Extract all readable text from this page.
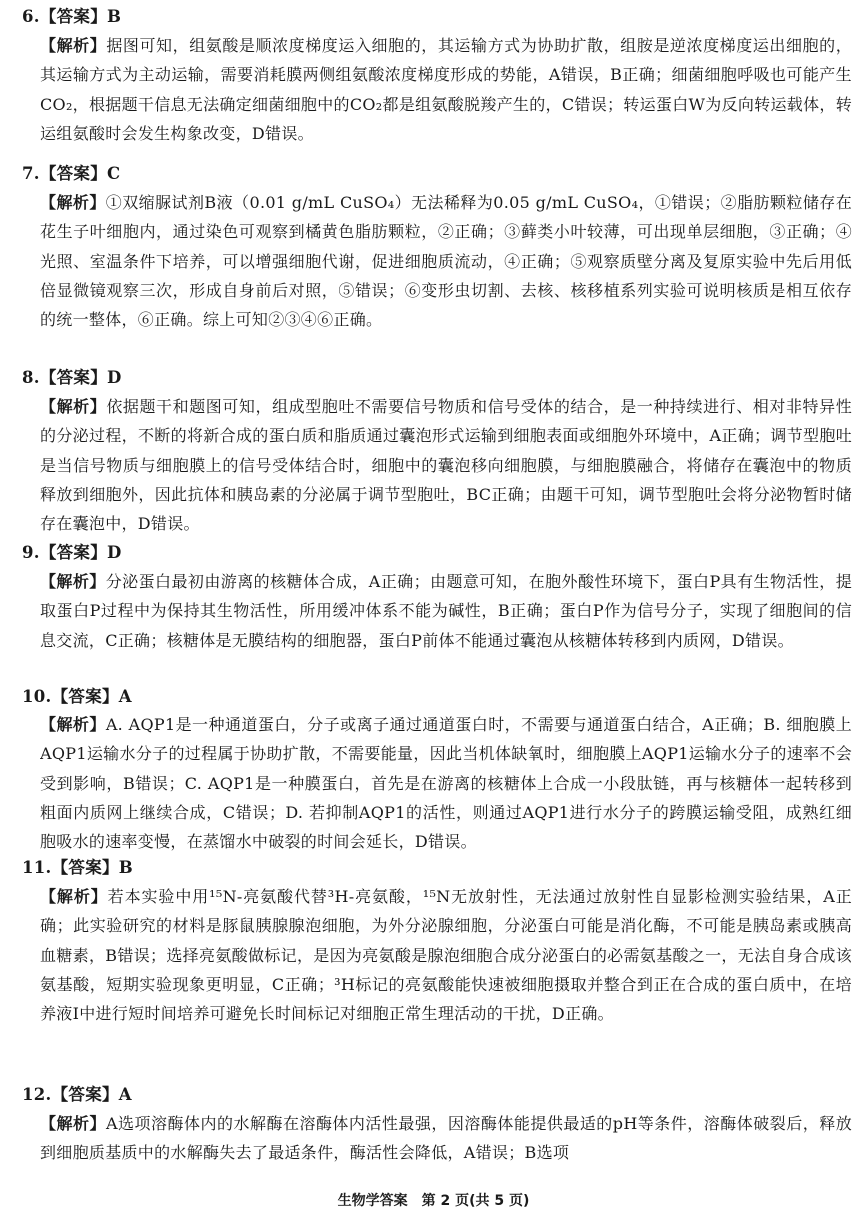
6.【答案】B
【解析】据图可知，组氨酸是顺浓度梯度运入细胞的，其运输方式为协助扩散，组胺是逆浓度梯度运出细胞的，其运输方式为主动运输，需要消耗膜两侧组氨酸浓度梯度形成的势能，A错误，B正确；细菌细胞呼吸也可能产生CO₂，根据题干信息无法确定细菌细胞中的CO₂都是组氨酸脱羧产生的，C错误；转运蛋白W为反向转运载体，转运组氨酸时会发生构象改变，D错误。
7.【答案】C
【解析】①双缩脲试剂B液（0.01 g/mL CuSO₄）无法稀释为0.05 g/mL CuSO₄，①错误；②脂肪颗粒储存在花生子叶细胞内，通过染色可观察到橘黄色脂肪颗粒，②正确；③藓类小叶较薄，可出现单层细胞，③正确；④光照、室温条件下培养，可以增强细胞代谢，促进细胞质流动，④正确；⑤观察质壁分离及复原实验中先后用低倍显微镜观察三次，形成自身前后对照，⑤错误；⑥变形虫切割、去核、核移植系列实验可说明核质是相互依存的统一整体，⑥正确。综上可知②③④⑥正确。
8.【答案】D
【解析】依据题干和题图可知，组成型胞吐不需要信号物质和信号受体的结合，是一种持续进行、相对非特异性的分泌过程，不断的将新合成的蛋白质和脂质通过囊泡形式运输到细胞表面或细胞外环境中，A正确；调节型胞吐是当信号物质与细胞膜上的信号受体结合时，细胞中的囊泡移向细胞膜，与细胞膜融合，将储存在囊泡中的物质释放到细胞外，因此抗体和胰岛素的分泌属于调节型胞吐，BC正确；由题干可知，调节型胞吐会将分泌物暂时储存在囊泡中，D错误。
9.【答案】D
【解析】分泌蛋白最初由游离的核糖体合成，A正确；由题意可知，在胞外酸性环境下，蛋白P具有生物活性，提取蛋白P过程中为保持其生物活性，所用缓冲体系不能为碱性，B正确；蛋白P作为信号分子，实现了细胞间的信息交流，C正确；核糖体是无膜结构的细胞器，蛋白P前体不能通过囊泡从核糖体转移到内质网，D错误。
10.【答案】A
【解析】A. AQP1是一种通道蛋白，分子或离子通过通道蛋白时，不需要与通道蛋白结合，A正确；B. 细胞膜上AQP1运输水分子的过程属于协助扩散，不需要能量，因此当机体缺氧时，细胞膜上AQP1运输水分子的速率不会受到影响，B错误；C. AQP1是一种膜蛋白，首先是在游离的核糖体上合成一小段肽链，再与核糖体一起转移到粗面内质网上继续合成，C错误；D. 若抑制AQP1的活性，则通过AQP1进行水分子的跨膜运输受阻，成熟红细胞吸水的速率变慢，在蒸馏水中破裂的时间会延长，D错误。
11.【答案】B
【解析】若本实验中用¹⁵N-亮氨酸代替³H-亮氨酸，¹⁵N无放射性，无法通过放射性自显影检测实验结果，A正确；此实验研究的材料是豚鼠胰腺腺泡细胞，为外分泌腺细胞，分泌蛋白可能是消化酶，不可能是胰岛素或胰高血糖素，B错误；选择亮氨酸做标记，是因为亮氨酸是腺泡细胞合成分泌蛋白的必需氨基酸之一，无法自身合成该氨基酸，短期实验现象更明显，C正确；³H标记的亮氨酸能快速被细胞摄取并整合到正在合成的蛋白质中，在培养液Ⅰ中进行短时间培养可避免长时间标记对细胞正常生理活动的干扰，D正确。
12.【答案】A
【解析】A选项溶酶体内的水解酶在溶酶体内活性最强，因溶酶体能提供最适的pH等条件，溶酶体破裂后，释放到细胞质基质中的水解酶失去了最适条件，酶活性会降低，A错误；B选项
生物学答案　第 2 页(共 5 页)
